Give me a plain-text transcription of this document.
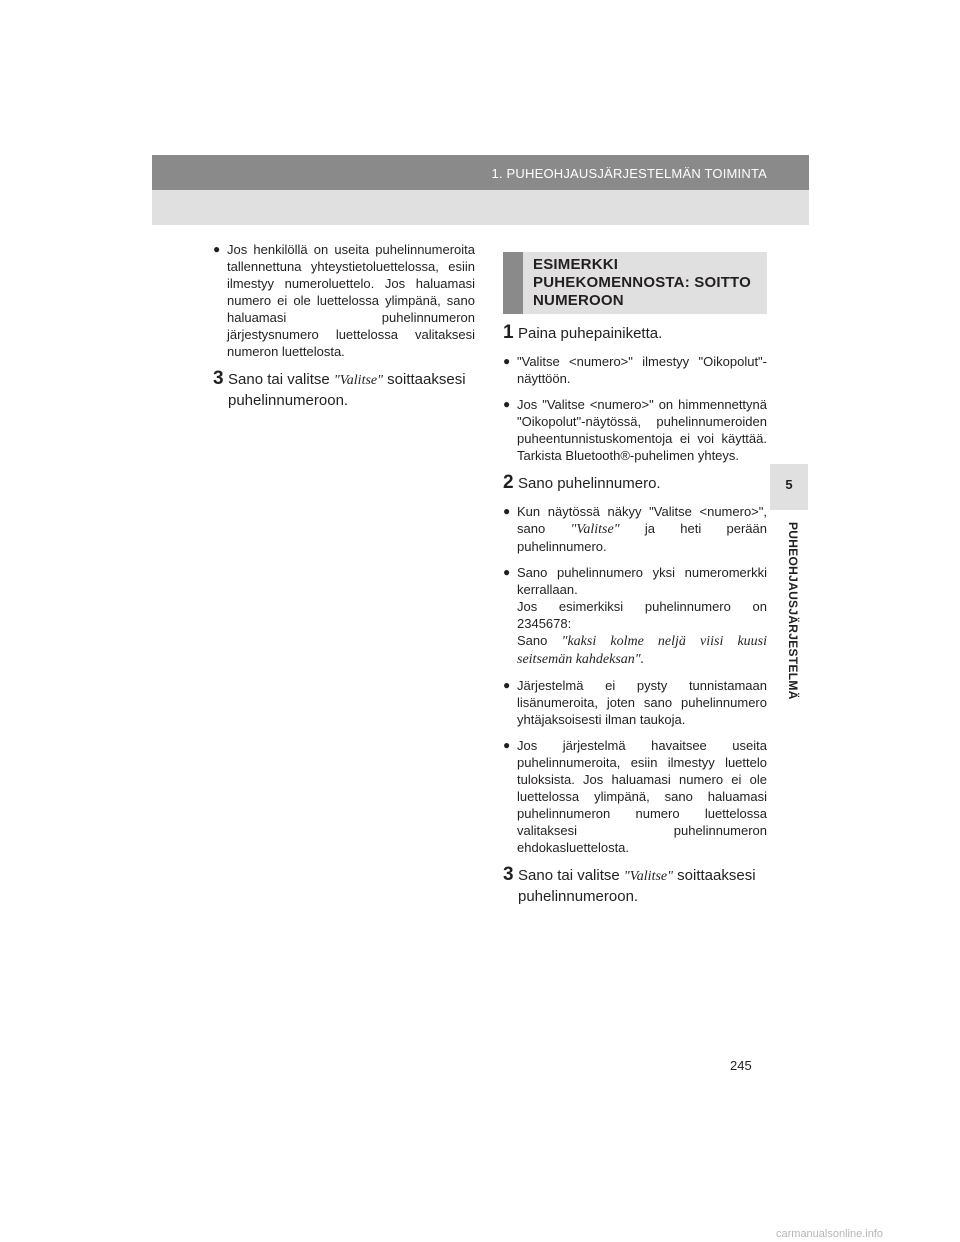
1. PUHEOHJAUSJÄRJESTELMÄN TOIMINTA
5
PUHEOHJAUSJÄRJESTELMÄ
● Jos henkilöllä on useita puhelinnumeroita tallennettuna yhteystietoluettelossa, esiin ilmestyy numeroluettelo. Jos haluamasi numero ei ole luettelossa ylimpänä, sano haluamasi puhelinnumeron järjestysnumero luettelossa valitaksesi numeron luettelosta.
3 Sano tai valitse "Valitse" soittaaksesi puhelinnumeroon.
ESIMERKKI PUHEKOMENNOSTA: SOITTO NUMEROON
1 Paina puhepainiketta.
● "Valitse <numero>" ilmestyy "Oikopolut"-näyttöön.
● Jos "Valitse <numero>" on himmennettynä "Oikopolut"-näytössä, puhelinnumeroiden puheentunnistuskomentoja ei voi käyttää. Tarkista Bluetooth®-puhelimen yhteys.
2 Sano puhelinnumero.
● Kun näytössä näkyy "Valitse <numero>", sano "Valitse" ja heti perään puhelinnumero.
● Sano puhelinnumero yksi numeromerkki kerrallaan.
Jos esimerkiksi puhelinnumero on 2345678:
Sano "kaksi kolme neljä viisi kuusi seitsemän kahdeksan".
● Järjestelmä ei pysty tunnistamaan lisänumeroita, joten sano puhelinnumero yhtäjaksoisesti ilman taukoja.
● Jos järjestelmä havaitsee useita puhelinnumeroita, esiin ilmestyy luettelo tuloksista. Jos haluamasi numero ei ole luettelossa ylimpänä, sano haluamasi puhelinnumeron numero luettelossa valitaksesi puhelinnumeron ehdokasluettelosta.
3 Sano tai valitse "Valitse" soittaaksesi puhelinnumeroon.
245
carmanualsonline.info
